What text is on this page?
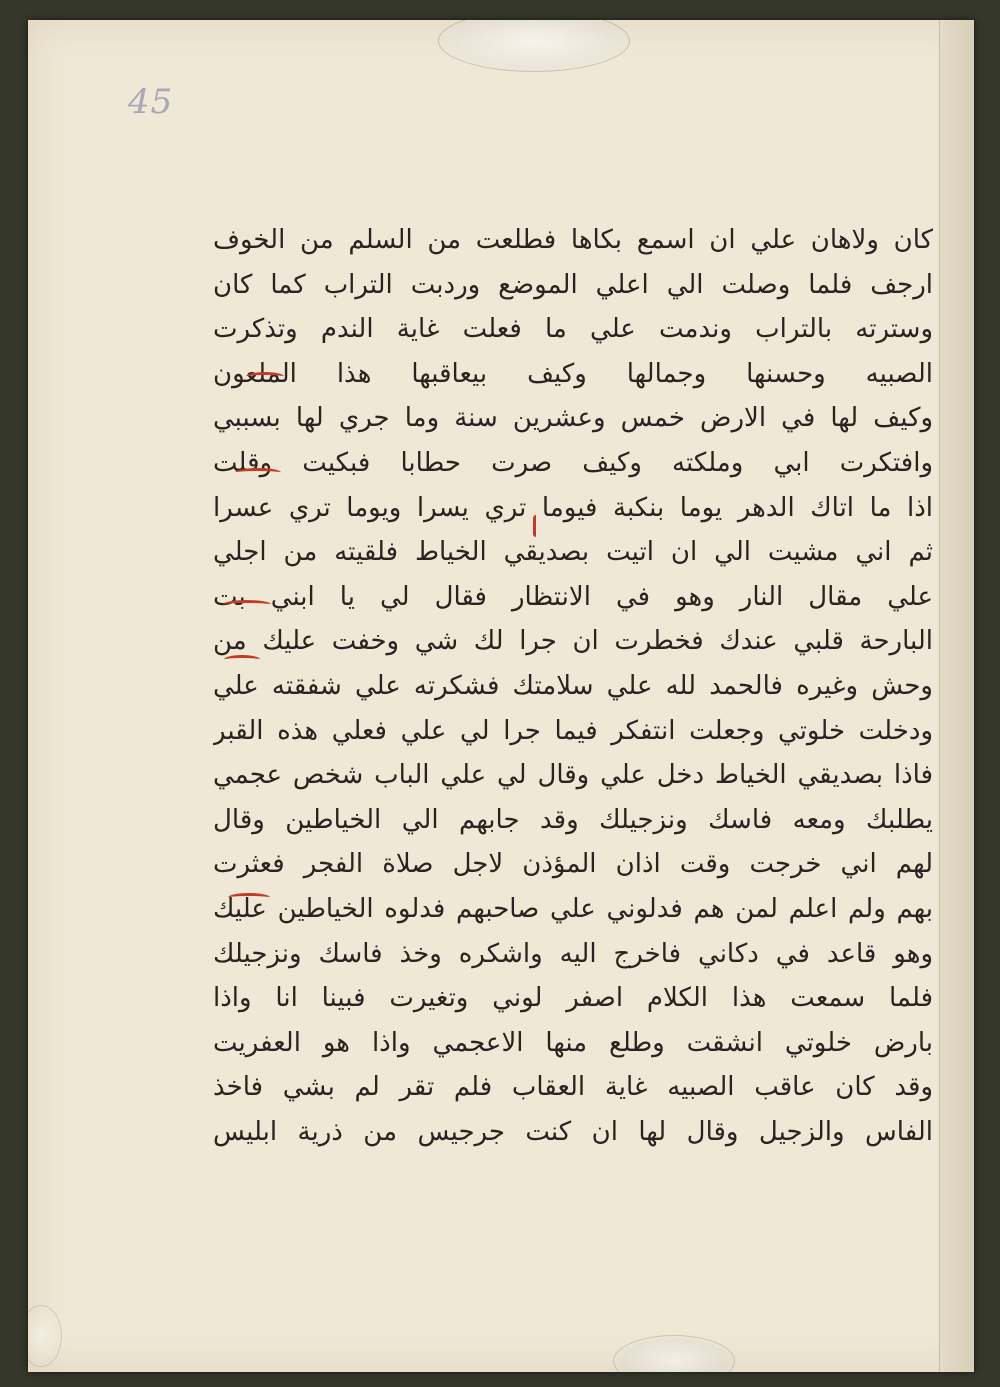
45
كان ولاهان علي ان اسمع بكاها فطلعت من السلم من الخوف
ارجف فلما وصلت الي اعلي الموضع وردبت التراب كما كان
وسترته بالتراب وندمت علي ما فعلت غاية الندم وتذكرت
الصبيه وحسنها وجمالها وكيف بيعاقبها هذا الملعون
وكيف لها في الارض خمس وعشرين سنة وما جري لها بسببي
وافتكرت ابي وملكته وكيف صرت حطابا فبكيت وقلت
اذا ما اتاك الدهر يوما بنكبة فيوما تري يسرا ويوما تري عسرا
ثم اني مشيت الي ان اتيت بصديقي الخياط فلقيته من اجلي
علي مقال النار وهو في الانتظار فقال لي يا ابني بت
البارحة قلبي عندك فخطرت ان جرا لك شي وخفت عليك من
وحش وغيره فالحمد لله علي سلامتك فشكرته علي شفقته علي
ودخلت خلوتي وجعلت انتفكر فيما جرا لي علي فعلي هذه القبر
فاذا بصديقي الخياط دخل علي وقال لي علي الباب شخص عجمي
يطلبك ومعه فاسك ونزجيلك وقد جابهم الي الخياطين وقال
لهم اني خرجت وقت اذان المؤذن لاجل صلاة الفجر فعثرت
بهم ولم اعلم لمن هم فدلوني علي صاحبهم فدلوه الخياطين عليك
وهو قاعد في دكاني فاخرج اليه واشكره وخذ فاسك ونزجيلك
فلما سمعت هذا الكلام اصفر لوني وتغيرت فبينا انا واذا
بارض خلوتي انشقت وطلع منها الاعجمي واذا هو العفريت
وقد كان عاقب الصبيه غاية العقاب فلم تقر لم بشي فاخذ
الفاس والزجيل وقال لها ان كنت جرجيس من ذرية ابليس
